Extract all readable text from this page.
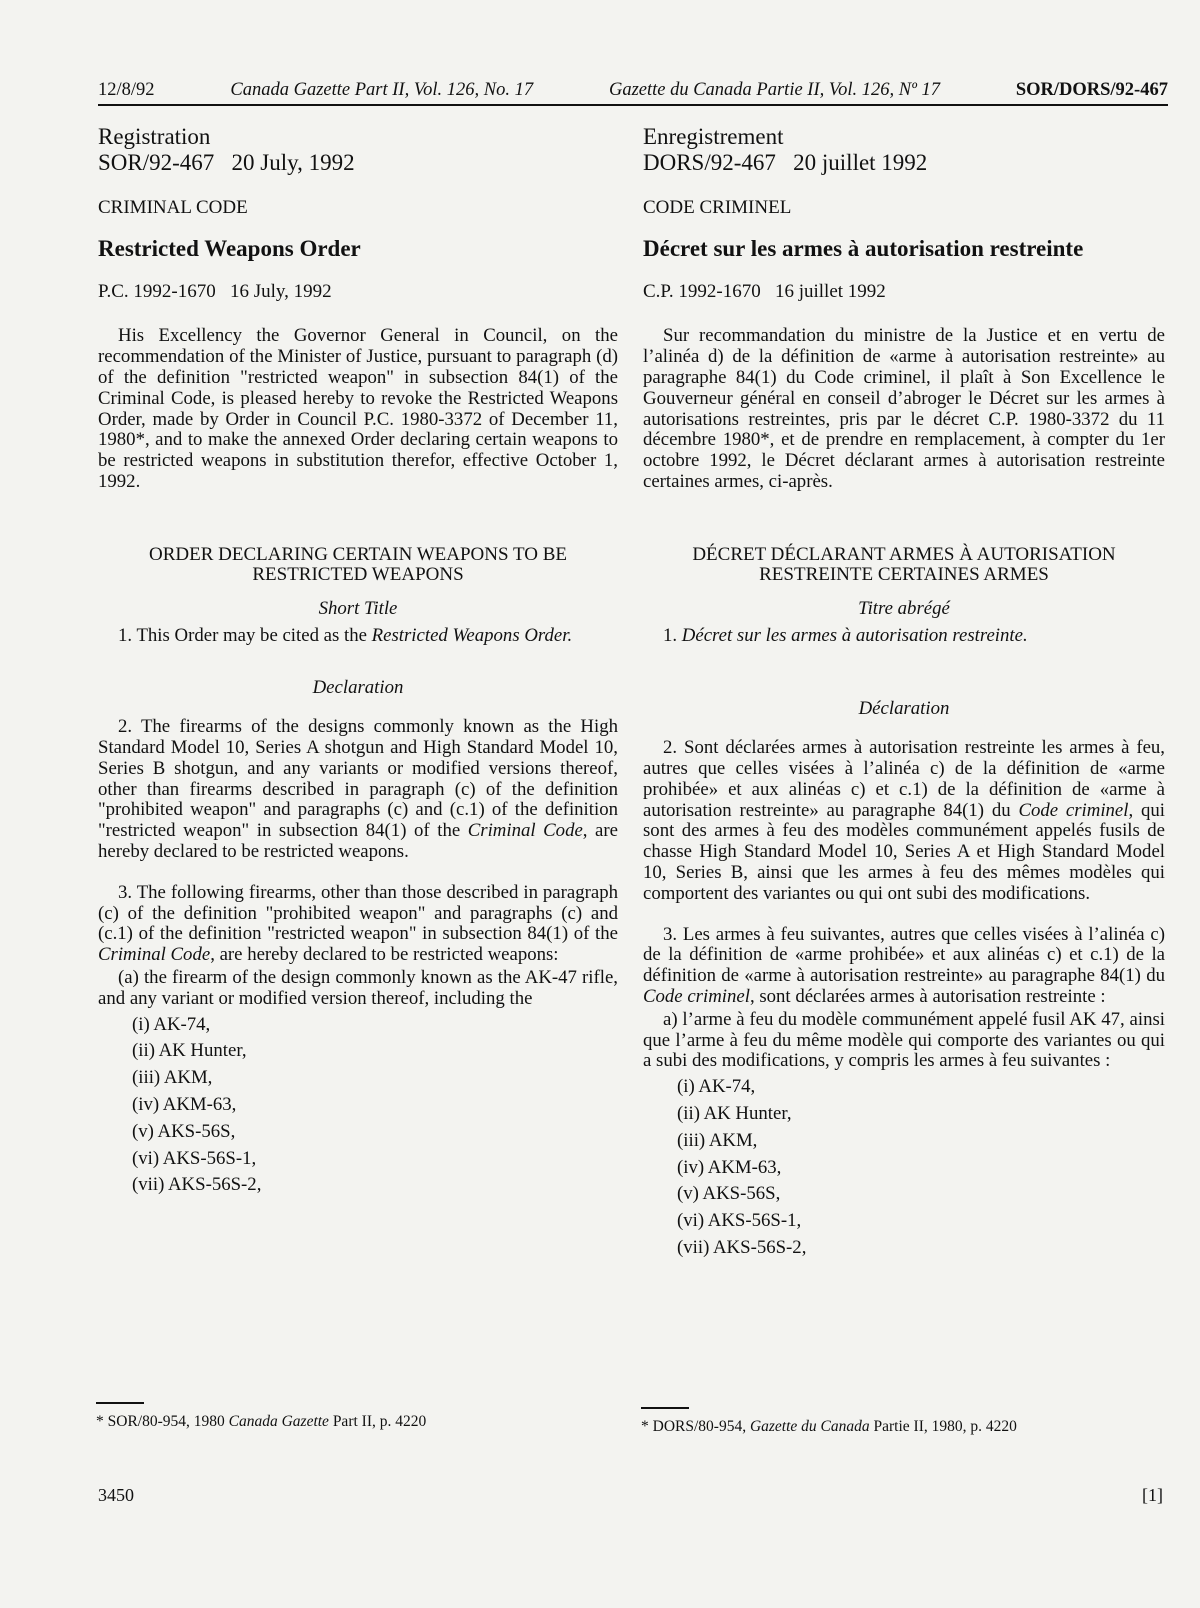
12/8/92	Canada Gazette Part II, Vol. 126, No. 17	Gazette du Canada Partie II, Vol. 126, Nº 17	SOR/DORS/92-467
Registration
SOR/92-467   20 July, 1992
CRIMINAL CODE
Restricted Weapons Order
P.C. 1992-1670   16 July, 1992
His Excellency the Governor General in Council, on the recommendation of the Minister of Justice, pursuant to paragraph (d) of the definition "restricted weapon" in subsection 84(1) of the Criminal Code, is pleased hereby to revoke the Restricted Weapons Order, made by Order in Council P.C. 1980-3372 of December 11, 1980*, and to make the annexed Order declaring certain weapons to be restricted weapons in substitution therefor, effective October 1, 1992.
ORDER DECLARING CERTAIN WEAPONS TO BE RESTRICTED WEAPONS
Short Title
1. This Order may be cited as the Restricted Weapons Order.
Declaration
2. The firearms of the designs commonly known as the High Standard Model 10, Series A shotgun and High Standard Model 10, Series B shotgun, and any variants or modified versions thereof, other than firearms described in paragraph (c) of the definition "prohibited weapon" and paragraphs (c) and (c.1) of the definition "restricted weapon" in subsection 84(1) of the Criminal Code, are hereby declared to be restricted weapons.
3. The following firearms, other than those described in paragraph (c) of the definition "prohibited weapon" and paragraphs (c) and (c.1) of the definition "restricted weapon" in subsection 84(1) of the Criminal Code, are hereby declared to be restricted weapons:
(a) the firearm of the design commonly known as the AK-47 rifle, and any variant or modified version thereof, including the
(i) AK-74,
(ii) AK Hunter,
(iii) AKM,
(iv) AKM-63,
(v) AKS-56S,
(vi) AKS-56S-1,
(vii) AKS-56S-2,
Enregistrement
DORS/92-467   20 juillet 1992
CODE CRIMINEL
Décret sur les armes à autorisation restreinte
C.P. 1992-1670   16 juillet 1992
Sur recommandation du ministre de la Justice et en vertu de l’alinéa d) de la définition de «arme à autorisation restreinte» au paragraphe 84(1) du Code criminel, il plaît à Son Excellence le Gouverneur général en conseil d’abroger le Décret sur les armes à autorisations restreintes, pris par le décret C.P. 1980-3372 du 11 décembre 1980*, et de prendre en remplacement, à compter du 1er octobre 1992, le Décret déclarant armes à autorisation restreinte certaines armes, ci-après.
DÉCRET DÉCLARANT ARMES À AUTORISATION RESTREINTE CERTAINES ARMES
Titre abrégé
1. Décret sur les armes à autorisation restreinte.
Déclaration
2. Sont déclarées armes à autorisation restreinte les armes à feu, autres que celles visées à l’alinéa c) de la définition de «arme prohibée» et aux alinéas c) et c.1) de la définition de «arme à autorisation restreinte» au paragraphe 84(1) du Code criminel, qui sont des armes à feu des modèles communément appelés fusils de chasse High Standard Model 10, Series A et High Standard Model 10, Series B, ainsi que les armes à feu des mêmes modèles qui comportent des variantes ou qui ont subi des modifications.
3. Les armes à feu suivantes, autres que celles visées à l’alinéa c) de la définition de «arme prohibée» et aux alinéas c) et c.1) de la définition de «arme à autorisation restreinte» au paragraphe 84(1) du Code criminel, sont déclarées armes à autorisation restreinte :
a) l’arme à feu du modèle communément appelé fusil AK 47, ainsi que l’arme à feu du même modèle qui comporte des variantes ou qui a subi des modifications, y compris les armes à feu suivantes :
(i) AK-74,
(ii) AK Hunter,
(iii) AKM,
(iv) AKM-63,
(v) AKS-56S,
(vi) AKS-56S-1,
(vii) AKS-56S-2,
* SOR/80-954, 1980 Canada Gazette Part II, p. 4220	* DORS/80-954, Gazette du Canada Partie II, 1980, p. 4220
3450	[1]
